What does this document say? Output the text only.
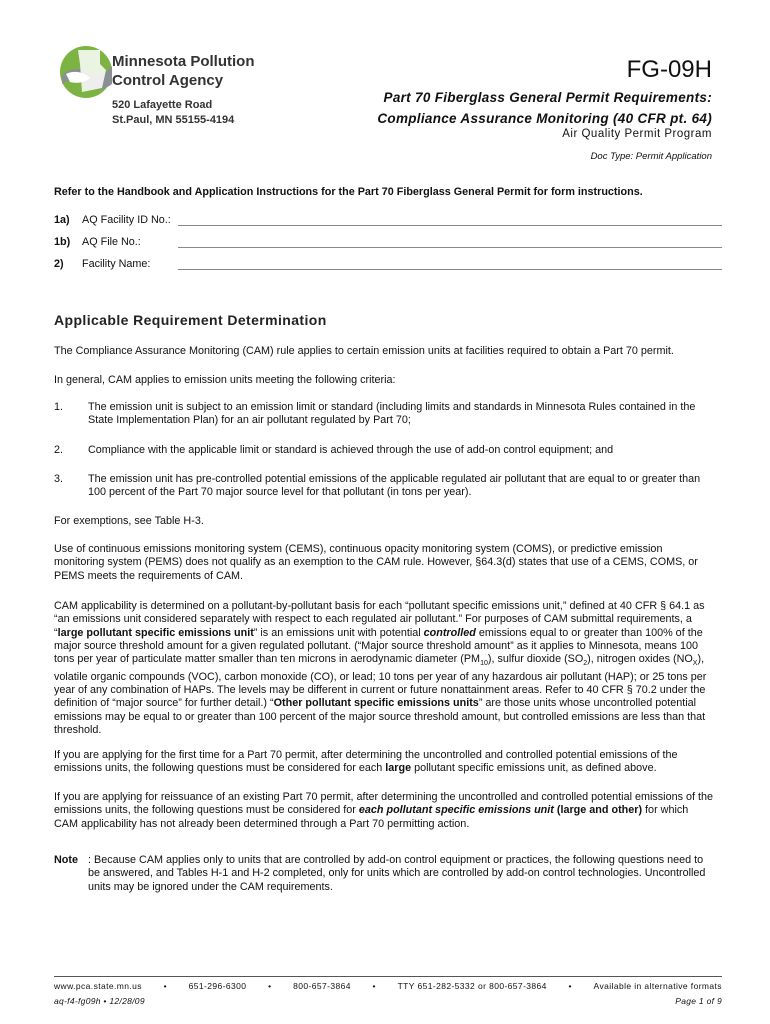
Minnesota Pollution
Control Agency
520 Lafayette Road
St.Paul, MN 55155-4194
FG-09H
Part 70 Fiberglass General Permit Requirements:
Compliance Assurance Monitoring (40 CFR pt. 64)
Air Quality Permit Program
Doc Type: Permit Application
Refer to the Handbook and Application Instructions for the Part 70 Fiberglass General Permit for form instructions.
1a) AQ Facility ID No.:
1b) AQ File No.:
2) Facility Name:
Applicable Requirement Determination
The Compliance Assurance Monitoring (CAM) rule applies to certain emission units at facilities required to obtain a Part 70 permit.
In general, CAM applies to emission units meeting the following criteria:
1. The emission unit is subject to an emission limit or standard (including limits and standards in Minnesota Rules contained in the State Implementation Plan) for an air pollutant regulated by Part 70;
2. Compliance with the applicable limit or standard is achieved through the use of add-on control equipment; and
3. The emission unit has pre-controlled potential emissions of the applicable regulated air pollutant that are equal to or greater than 100 percent of the Part 70 major source level for that pollutant (in tons per year).
For exemptions, see Table H-3.
Use of continuous emissions monitoring system (CEMS), continuous opacity monitoring system (COMS), or predictive emission monitoring system (PEMS) does not qualify as an exemption to the CAM rule. However, §64.3(d) states that use of a CEMS, COMS, or PEMS meets the requirements of CAM.
CAM applicability is determined on a pollutant-by-pollutant basis for each “pollutant specific emissions unit,” defined at 40 CFR § 64.1 as “an emissions unit considered separately with respect to each regulated air pollutant.” For purposes of CAM submittal requirements, a “large pollutant specific emissions unit” is an emissions unit with potential controlled emissions equal to or greater than 100% of the major source threshold amount for a given regulated pollutant. (“Major source threshold amount” as it applies to Minnesota, means 100 tons per year of particulate matter smaller than ten microns in aerodynamic diameter $(PM_{10})$, sulfur dioxide $(SO_2)$, nitrogen oxides $(NO_X)$, volatile organic compounds (VOC), carbon monoxide (CO), or lead; 10 tons per year of any hazardous air pollutant (HAP); or 25 tons per year of any combination of HAPs. The levels may be different in current or future nonattainment areas. Refer to 40 CFR § 70.2 under the definition of “major source” for further detail.) “Other pollutant specific emissions units” are those units whose uncontrolled potential emissions may be equal to or greater than 100 percent of the major source threshold amount, but controlled emissions are less than that threshold.
If you are applying for the first time for a Part 70 permit, after determining the uncontrolled and controlled potential emissions of the emissions units, the following questions must be considered for each large pollutant specific emissions unit, as defined above.
If you are applying for reissuance of an existing Part 70 permit, after determining the uncontrolled and controlled potential emissions of the emissions units, the following questions must be considered for each pollutant specific emissions unit (large and other) for which CAM applicability has not already been determined through a Part 70 permitting action.
Note : Because CAM applies only to units that are controlled by add-on control equipment or practices, the following questions need to be answered, and Tables H-1 and H-2 completed, only for units which are controlled by add-on control technologies. Uncontrolled units may be ignored under the CAM requirements.
www.pca.state.mn.us	•	651-296-6300	•	800-657-3864	•	TTY 651-282-5332 or 800-657-3864	•	Available in alternative formats
aq-f4-fg09h • 12/28/09	Page 1 of 9
